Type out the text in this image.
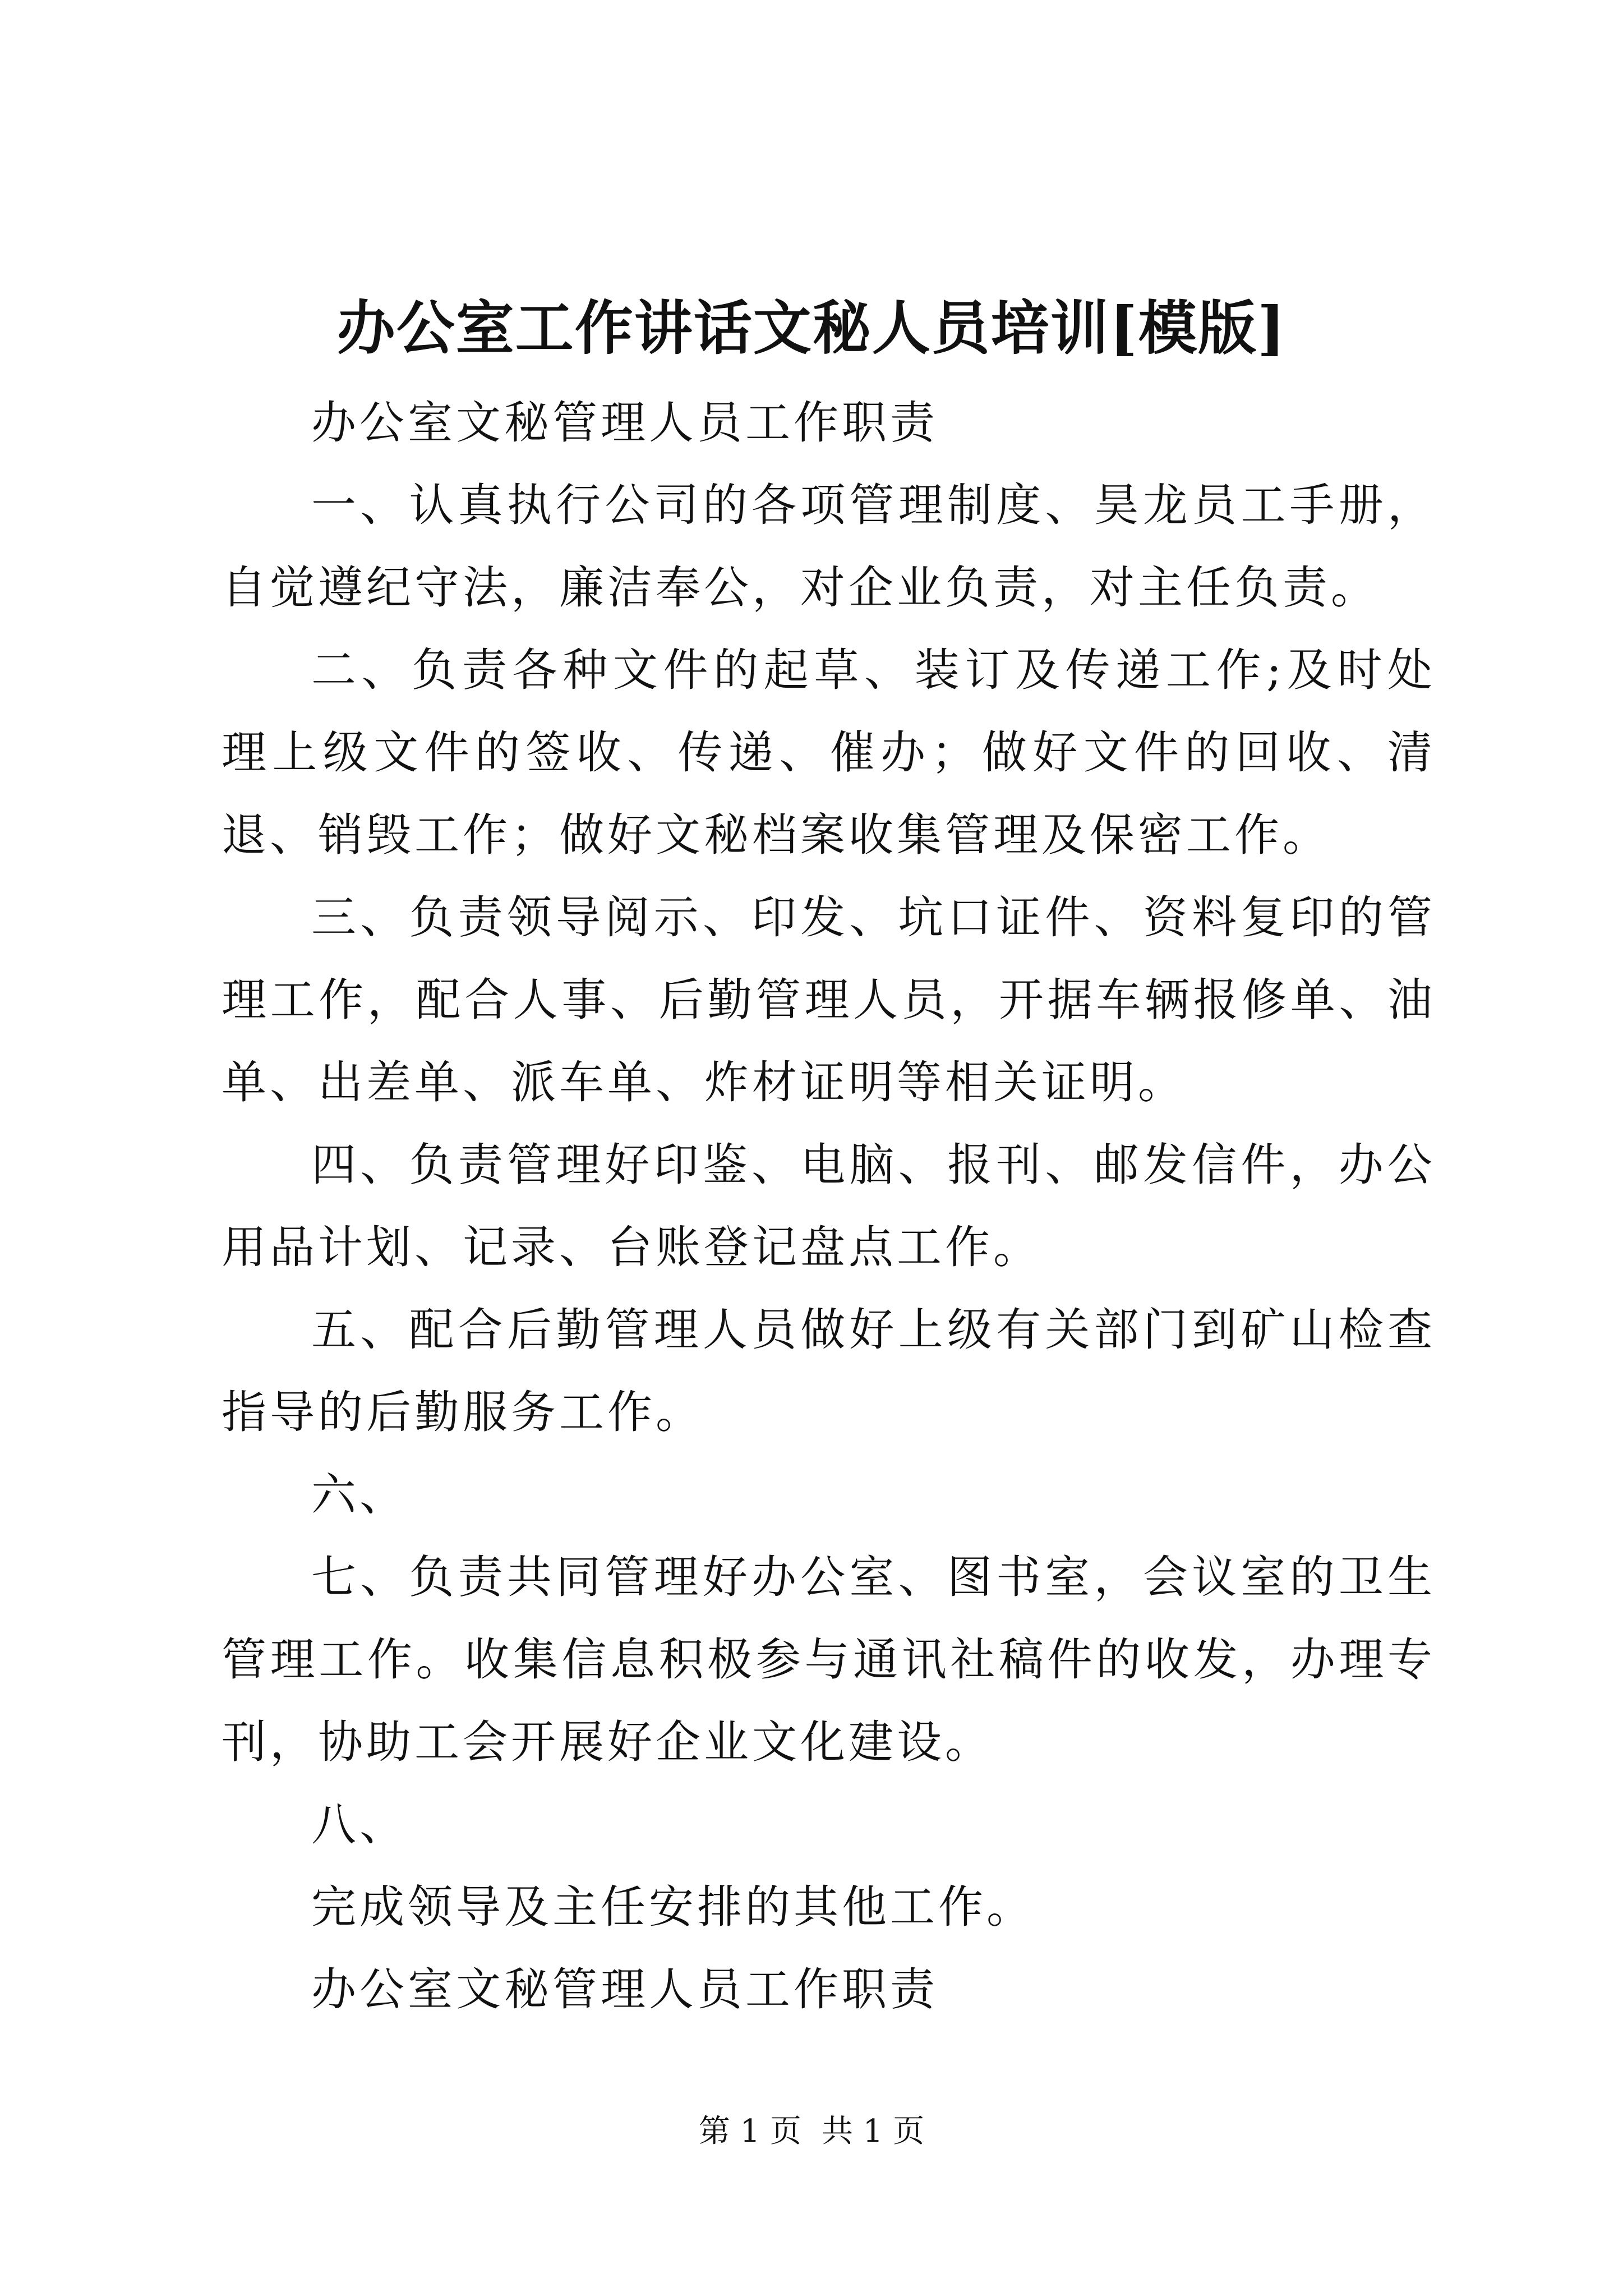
办公室工作讲话文秘人员培训[模版]

办公室文秘管理人员工作职责

一、认真执行公司的各项管理制度、昊龙员工手册，自觉遵纪守法，廉洁奉公，对企业负责，对主任负责。

二、负责各种文件的起草、装订及传递工作;及时处理上级文件的签收、传递、催办；做好文件的回收、清退、销毁工作；做好文秘档案收集管理及保密工作。

三、负责领导阅示、印发、坑口证件、资料复印的管理工作，配合人事、后勤管理人员，开据车辆报修单、油单、出差单、派车单、炸材证明等相关证明。

四、负责管理好印鉴、电脑、报刊、邮发信件，办公用品计划、记录、台账登记盘点工作。

五、配合后勤管理人员做好上级有关部门到矿山检查指导的后勤服务工作。

六、

七、负责共同管理好办公室、图书室，会议室的卫生管理工作。收集信息积极参与通讯社稿件的收发，办理专刊，协助工会开展好企业文化建设。

八、

完成领导及主任安排的其他工作。

办公室文秘管理人员工作职责

第 1 页 共 1 页
